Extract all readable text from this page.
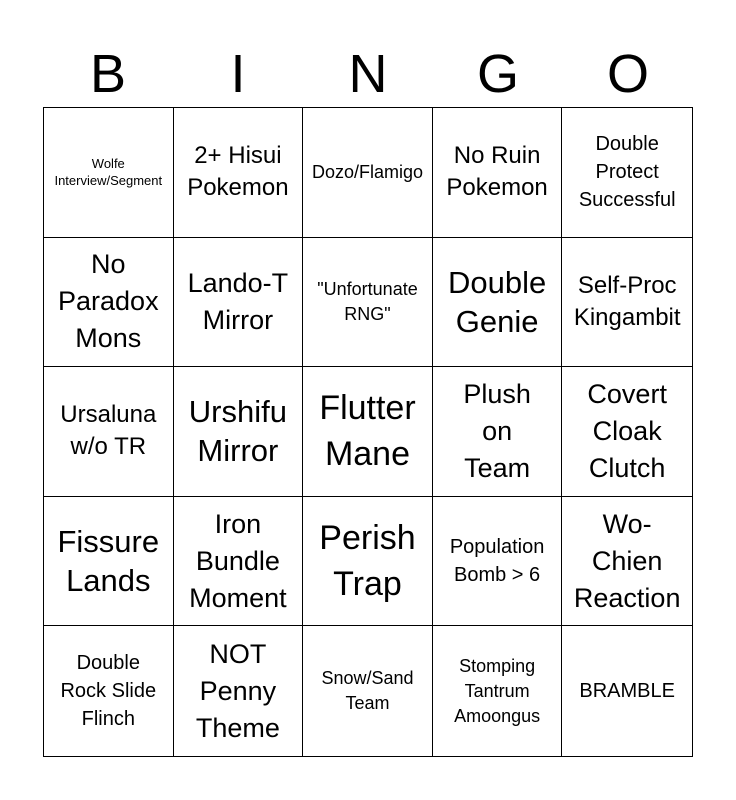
B	I	N	G	O
Wolfe Interview/Segment
2+ Hisui Pokemon
Dozo/Flamigo
No Ruin Pokemon
Double Protect Successful
No Paradox Mons
Lando-T Mirror
"Unfortunate RNG"
Double Genie
Self-Proc Kingambit
Ursaluna w/o TR
Urshifu Mirror
Flutter Mane
Plush on Team
Covert Cloak Clutch
Fissure Lands
Iron Bundle Moment
Perish Trap
Population Bomb > 6
Wo-Chien Reaction
Double Rock Slide Flinch
NOT Penny Theme
Snow/Sand Team
Stomping Tantrum Amoongus
BRAMBLE
